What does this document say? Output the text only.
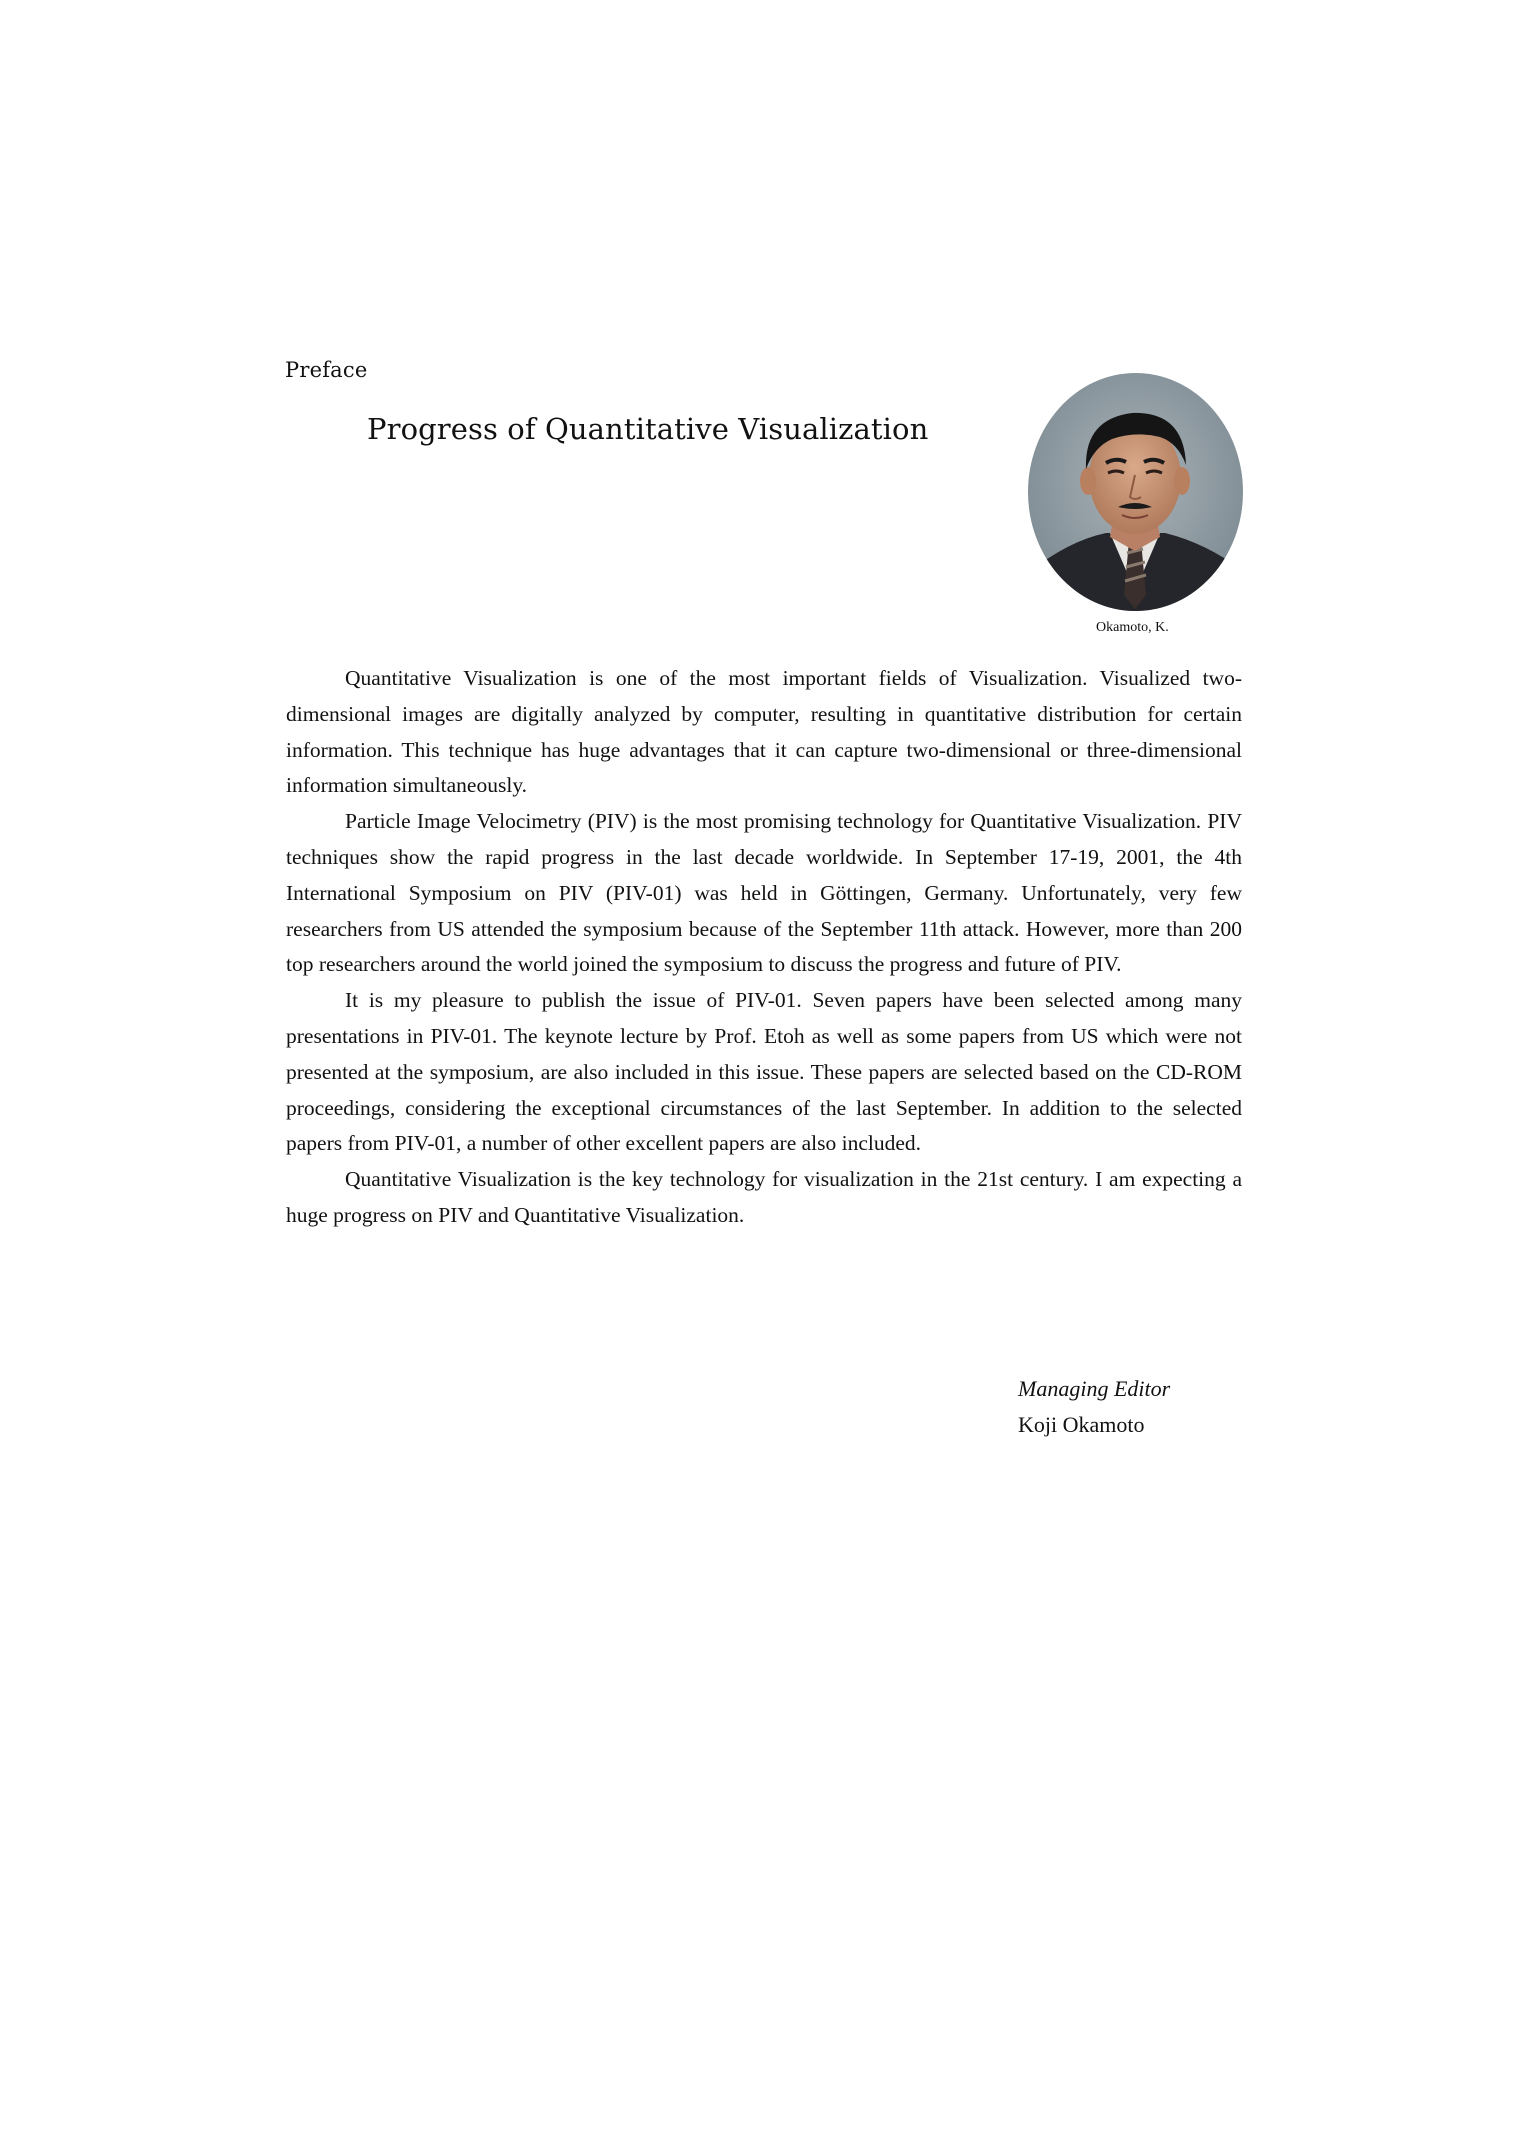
Preface
Progress of Quantitative Visualization
Okamoto, K.

Quantitative Visualization is one of the most important fields of Visualization. Visualized two-dimensional images are digitally analyzed by computer, resulting in quantitative distribution for certain information. This technique has huge advantages that it can capture two-dimensional or three-dimensional information simultaneously.

Particle Image Velocimetry (PIV) is the most promising technology for Quantitative Visualization. PIV techniques show the rapid progress in the last decade worldwide. In September 17-19, 2001, the 4th International Symposium on PIV (PIV-01) was held in Göttingen, Germany. Unfortunately, very few researchers from US attended the symposium because of the September 11th attack. However, more than 200 top researchers around the world joined the symposium to discuss the progress and future of PIV.

It is my pleasure to publish the issue of PIV-01. Seven papers have been selected among many presentations in PIV-01. The keynote lecture by Prof. Etoh as well as some papers from US which were not presented at the symposium, are also included in this issue. These papers are selected based on the CD-ROM proceedings, considering the exceptional circumstances of the last September. In addition to the selected papers from PIV-01, a number of other excellent papers are also included.

Quantitative Visualization is the key technology for visualization in the 21st century. I am expecting a huge progress on PIV and Quantitative Visualization.

Managing Editor
Koji Okamoto
